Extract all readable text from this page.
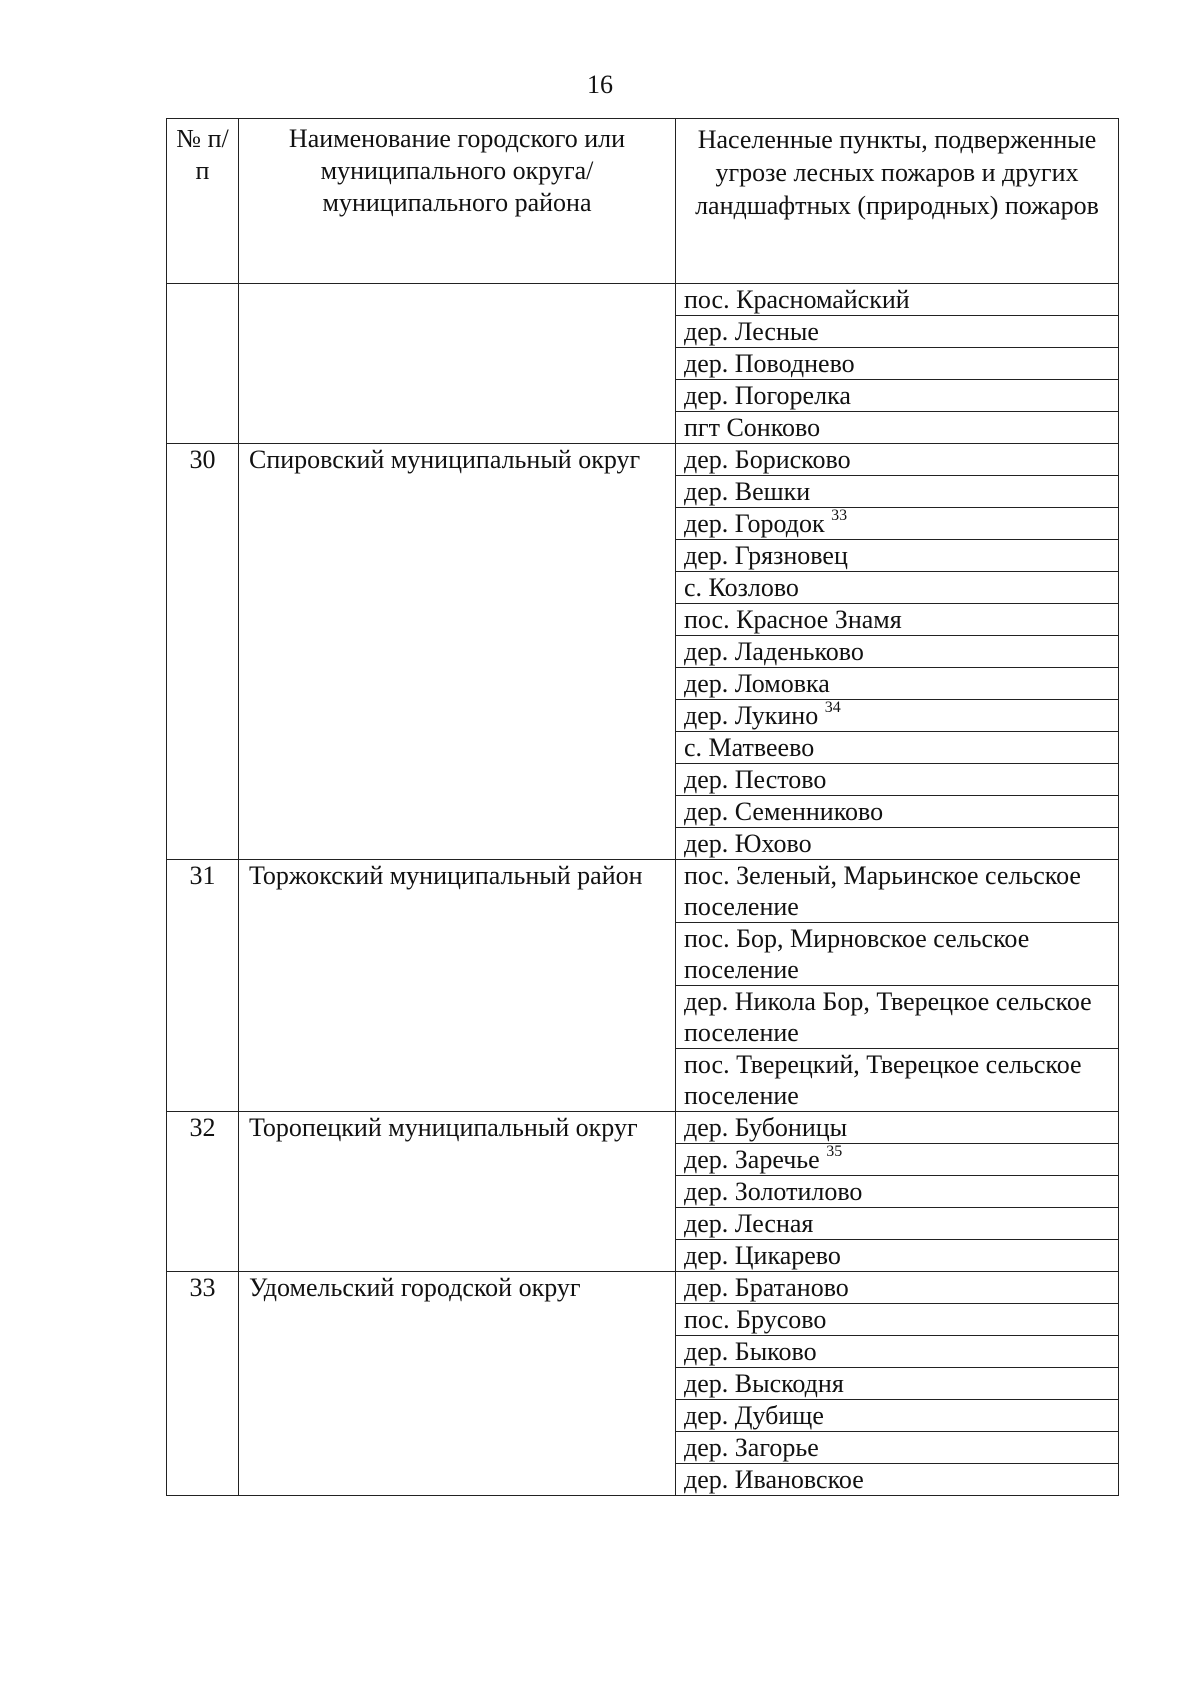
16
№ п/п	Наименование городского или муниципального округа/муниципального района	Населенные пункты, подверженные угрозе лесных пожаров и других ландшафтных (природных) пожаров
		пос. Красномайский
		дер. Лесные
		дер. Поводнево
		дер. Погорелка
		пгт Сонково
30	Спировский муниципальный округ	дер. Борисково
		дер. Вешки
		дер. Городок $^{33}$
		дер. Грязновец
		с. Козлово
		пос. Красное Знамя
		дер. Ладеньково
		дер. Ломовка
		дер. Лукино $^{34}$
		с. Матвеево
		дер. Пестово
		дер. Семенниково
		дер. Юхово
31	Торжокский муниципальный район	пос. Зеленый, Марьинское сельское поселение
		пос. Бор, Мирновское сельское поселение
		дер. Никола Бор, Тверецкое сельское поселение
		пос. Тверецкий, Тверецкое сельское поселение
32	Торопецкий муниципальный округ	дер. Бубоницы
		дер. Заречье $^{35}$
		дер. Золотилово
		дер. Лесная
		дер. Цикарево
33	Удомельский городской округ	дер. Братаново
		пос. Брусово
		дер. Быково
		дер. Выскодня
		дер. Дубище
		дер. Загорье
		дер. Ивановское
